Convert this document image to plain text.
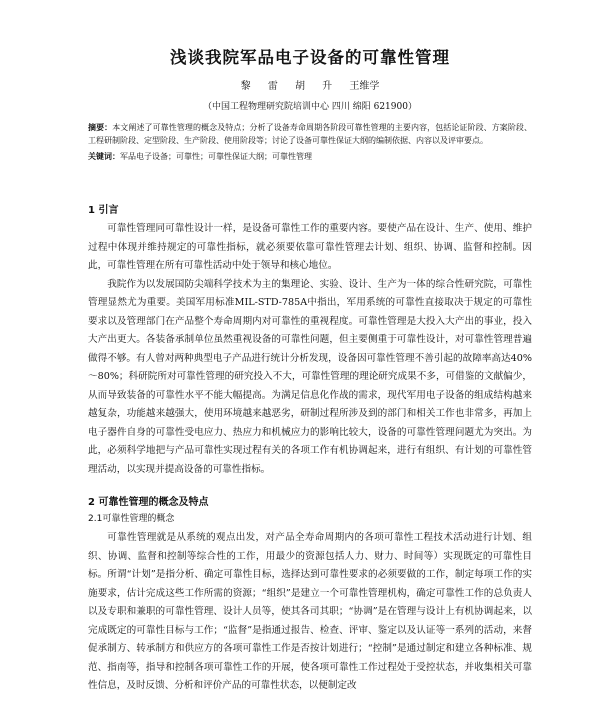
浅谈我院军品电子设备的可靠性管理

黎 雷 胡 升 王维学

（中国工程物理研究院培训中心 四川 绵阳 621900）

摘要：本文阐述了可靠性管理的概念及特点；分析了设备寿命周期各阶段可靠性管理的主要内容，包括论证阶段、方案阶段、工程研制阶段、定型阶段、生产阶段、使用阶段等；讨论了设备可靠性保证大纲的编制依据、内容以及评审要点。

关键词：军品电子设备；可靠性；可靠性保证大纲；可靠性管理

1 引言

可靠性管理同可靠性设计一样，是设备可靠性工作的重要内容。要使产品在设计、生产、使用、维护过程中体现并维持规定的可靠性指标，就必须要依靠可靠性管理去计划、组织、协调、监督和控制。因此，可靠性管理在所有可靠性活动中处于领导和核心地位。

我院作为以发展国防尖端科学技术为主的集理论、实验、设计、生产为一体的综合性研究院，可靠性管理显然尤为重要。美国军用标准MIL-STD-785A中指出，军用系统的可靠性直接取决于规定的可靠性要求以及管理部门在产品整个寿命周期内对可靠性的重视程度。可靠性管理是大投入大产出的事业，投入大产出更大。各装备承制单位虽然重视设备的可靠性问题，但主要侧重于可靠性设计，对可靠性管理普遍做得不够。有人曾对两种典型电子产品进行统计分析发现，设备因可靠性管理不善引起的故障率高达40%～80%；科研院所对可靠性管理的研究投入不大，可靠性管理的理论研究成果不多，可借鉴的文献偏少，从而导致装备的可靠性水平不能大幅提高。为满足信息化作战的需求，现代军用电子设备的组成结构越来越复杂，功能越来越强大，使用环境越来越恶劣，研制过程所涉及到的部门和相关工作也非常多，再加上电子器件自身的可靠性受电应力、热应力和机械应力的影响比较大，设备的可靠性管理问题尤为突出。为此，必须科学地把与产品可靠性实现过程有关的各项工作有机协调起来，进行有组织、有计划的可靠性管理活动，以实现并提高设备的可靠性指标。

2 可靠性管理的概念及特点

2.1可靠性管理的概念

可靠性管理就是从系统的观点出发，对产品全寿命周期内的各项可靠性工程技术活动进行计划、组织、协调、监督和控制等综合性的工作，用最少的资源包括人力、财力、时间等）实现既定的可靠性目标。所谓“计划”是指分析、确定可靠性目标，选择达到可靠性要求的必须要做的工作，制定每项工作的实施要求，估计完成这些工作所需的资源；“组织”是建立一个可靠性管理机构，确定可靠性工作的总负责人以及专职和兼职的可靠性管理、设计人员等，使其各司其职；“协调”是在管理与设计上有机协调起来，以完成既定的可靠性目标与工作；“监督”是指通过报告、检查、评审、鉴定以及认证等一系列的活动，来督促承制方、转承制方和供应方的各项可靠性工作是否按计划进行；“控制”是通过制定和建立各种标准、规范、指南等，指导和控制各项可靠性工作的开展，使各项可靠性工作过程处于受控状态，并收集相关可靠性信息，及时反馈、分析和评价产品的可靠性状态，以便制定改
